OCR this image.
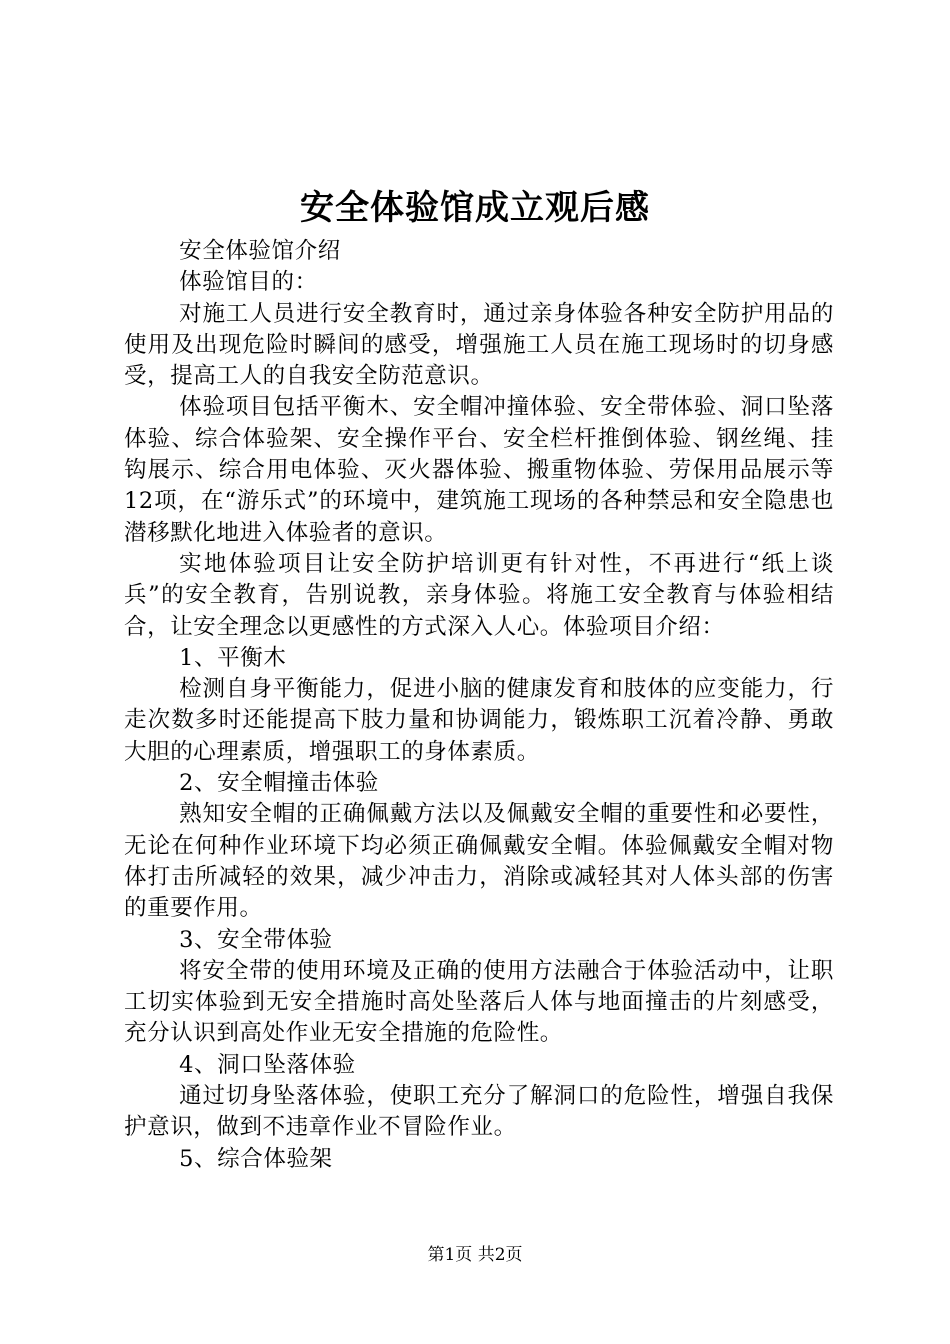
安全体验馆成立观后感

安全体验馆介绍

体验馆目的：

对施工人员进行安全教育时，通过亲身体验各种安全防护用品的使用及出现危险时瞬间的感受，增强施工人员在施工现场时的切身感受，提高工人的自我安全防范意识。

体验项目包括平衡木、安全帽冲撞体验、安全带体验、洞口坠落体验、综合体验架、安全操作平台、安全栏杆推倒体验、钢丝绳、挂钩展示、综合用电体验、灭火器体验、搬重物体验、劳保用品展示等12项，在“游乐式”的环境中，建筑施工现场的各种禁忌和安全隐患也潜移默化地进入体验者的意识。

实地体验项目让安全防护培训更有针对性，不再进行“纸上谈兵”的安全教育，告别说教，亲身体验。将施工安全教育与体验相结合，让安全理念以更感性的方式深入人心。体验项目介绍：

1、平衡木

检测自身平衡能力，促进小脑的健康发育和肢体的应变能力，行走次数多时还能提高下肢力量和协调能力，锻炼职工沉着冷静、勇敢大胆的心理素质，增强职工的身体素质。

2、安全帽撞击体验

熟知安全帽的正确佩戴方法以及佩戴安全帽的重要性和必要性，无论在何种作业环境下均必须正确佩戴安全帽。体验佩戴安全帽对物体打击所减轻的效果，减少冲击力，消除或减轻其对人体头部的伤害的重要作用。

3、安全带体验

将安全带的使用环境及正确的使用方法融合于体验活动中，让职工切实体验到无安全措施时高处坠落后人体与地面撞击的片刻感受，充分认识到高处作业无安全措施的危险性。

4、洞口坠落体验

通过切身坠落体验，使职工充分了解洞口的危险性，增强自我保护意识，做到不违章作业不冒险作业。

5、综合体验架

第1页 共2页
